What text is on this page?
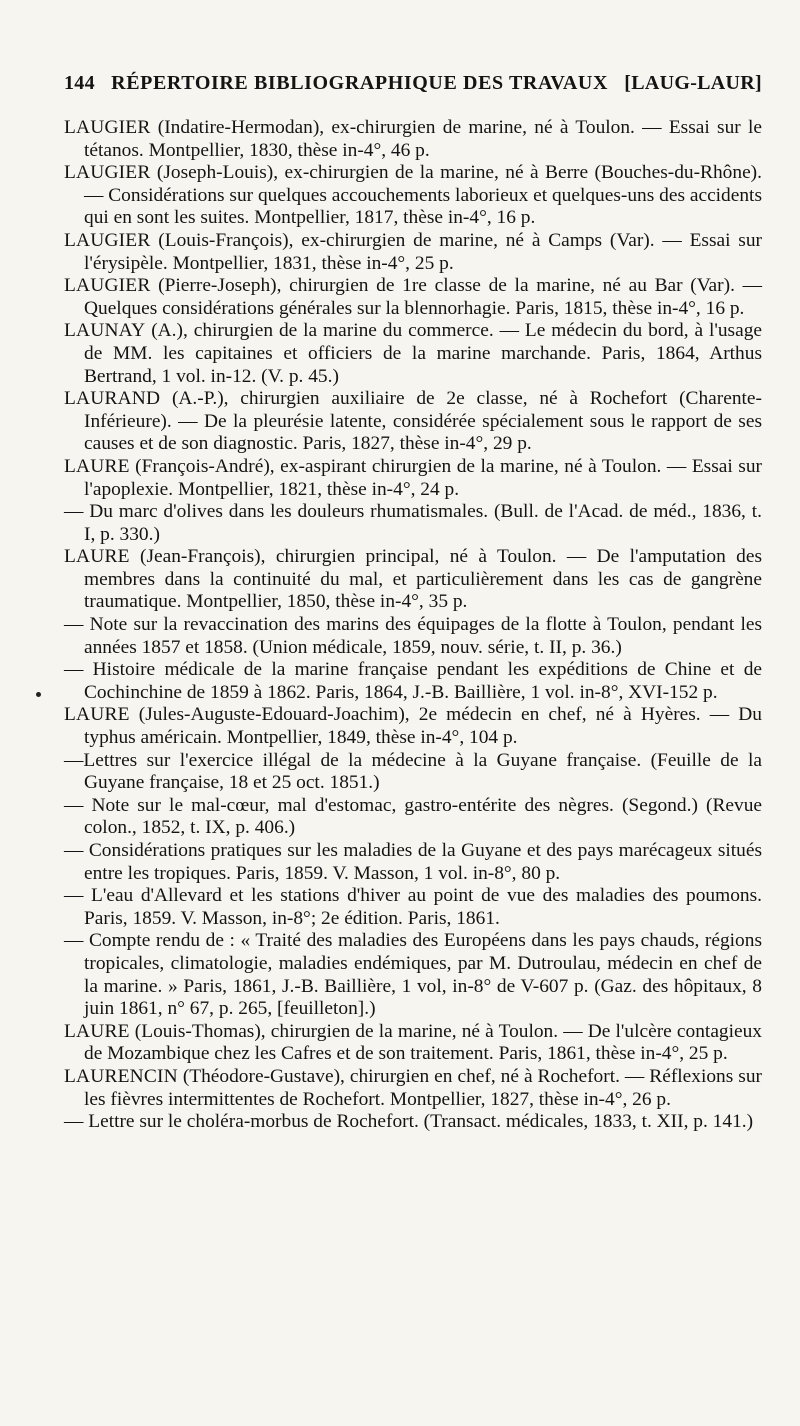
144 RÉPERTOIRE BIBLIOGRAPHIQUE DES TRAVAUX [LAUG-LAUR]

LAUGIER (Indatire-Hermodan), ex-chirurgien de marine, né à Toulon. — Essai sur le tétanos. Montpellier, 1830, thèse in-4°, 46 p.

LAUGIER (Joseph-Louis), ex-chirurgien de la marine, né à Berre (Bouches-du-Rhône). — Considérations sur quelques accouchements laborieux et quelques-uns des accidents qui en sont les suites. Montpellier, 1817, thèse in-4°, 16 p.

LAUGIER (Louis-François), ex-chirurgien de marine, né à Camps (Var). — Essai sur l'érysipèle. Montpellier, 1831, thèse in-4°, 25 p.

LAUGIER (Pierre-Joseph), chirurgien de 1re classe de la marine, né au Bar (Var). — Quelques considérations générales sur la blennorhagie. Paris, 1815, thèse in-4°, 16 p.

LAUNAY (A.), chirurgien de la marine du commerce. — Le médecin du bord, à l'usage de MM. les capitaines et officiers de la marine marchande. Paris, 1864, Arthus Bertrand, 1 vol. in-12. (V. p. 45.)

LAURAND (A.-P.), chirurgien auxiliaire de 2e classe, né à Rochefort (Charente-Inférieure). — De la pleurésie latente, considérée spécialement sous le rapport de ses causes et de son diagnostic. Paris, 1827, thèse in-4°, 29 p.

LAURE (François-André), ex-aspirant chirurgien de la marine, né à Toulon. — Essai sur l'apoplexie. Montpellier, 1821, thèse in-4°, 24 p.

— Du marc d'olives dans les douleurs rhumatismales. (Bull. de l'Acad. de méd., 1836, t. I, p. 330.)

LAURE (Jean-François), chirurgien principal, né à Toulon. — De l'amputation des membres dans la continuité du mal, et particulièrement dans les cas de gangrène traumatique. Montpellier, 1850, thèse in-4°, 35 p.

— Note sur la revaccination des marins des équipages de la flotte à Toulon, pendant les années 1857 et 1858. (Union médicale, 1859, nouv. série, t. II, p. 36.)

— Histoire médicale de la marine française pendant les expéditions de Chine et de Cochinchine de 1859 à 1862. Paris, 1864, J.-B. Baillière, 1 vol. in-8°, XVI-152 p.

LAURE (Jules-Auguste-Edouard-Joachim), 2e médecin en chef, né à Hyères. — Du typhus américain. Montpellier, 1849, thèse in-4°, 104 p.

—Lettres sur l'exercice illégal de la médecine à la Guyane française. (Feuille de la Guyane française, 18 et 25 oct. 1851.)

— Note sur le mal-cœur, mal d'estomac, gastro-entérite des nègres. (Segond.) (Revue colon., 1852, t. IX, p. 406.)

— Considérations pratiques sur les maladies de la Guyane et des pays marécageux situés entre les tropiques. Paris, 1859. V. Masson, 1 vol. in-8°, 80 p.

— L'eau d'Allevard et les stations d'hiver au point de vue des maladies des poumons. Paris, 1859. V. Masson, in-8°; 2e édition. Paris, 1861.

— Compte rendu de : « Traité des maladies des Européens dans les pays chauds, régions tropicales, climatologie, maladies endémiques, par M. Dutroulau, médecin en chef de la marine. » Paris, 1861, J.-B. Baillière, 1 vol, in-8° de V-607 p. (Gaz. des hôpitaux, 8 juin 1861, n° 67, p. 265, [feuilleton].)

LAURE (Louis-Thomas), chirurgien de la marine, né à Toulon. — De l'ulcère contagieux de Mozambique chez les Cafres et de son traitement. Paris, 1861, thèse in-4°, 25 p.

LAURENCIN (Théodore-Gustave), chirurgien en chef, né à Rochefort. — Réflexions sur les fièvres intermittentes de Rochefort. Montpellier, 1827, thèse in-4°, 26 p.

— Lettre sur le choléra-morbus de Rochefort. (Transact. médicales, 1833, t. XII, p. 141.)
